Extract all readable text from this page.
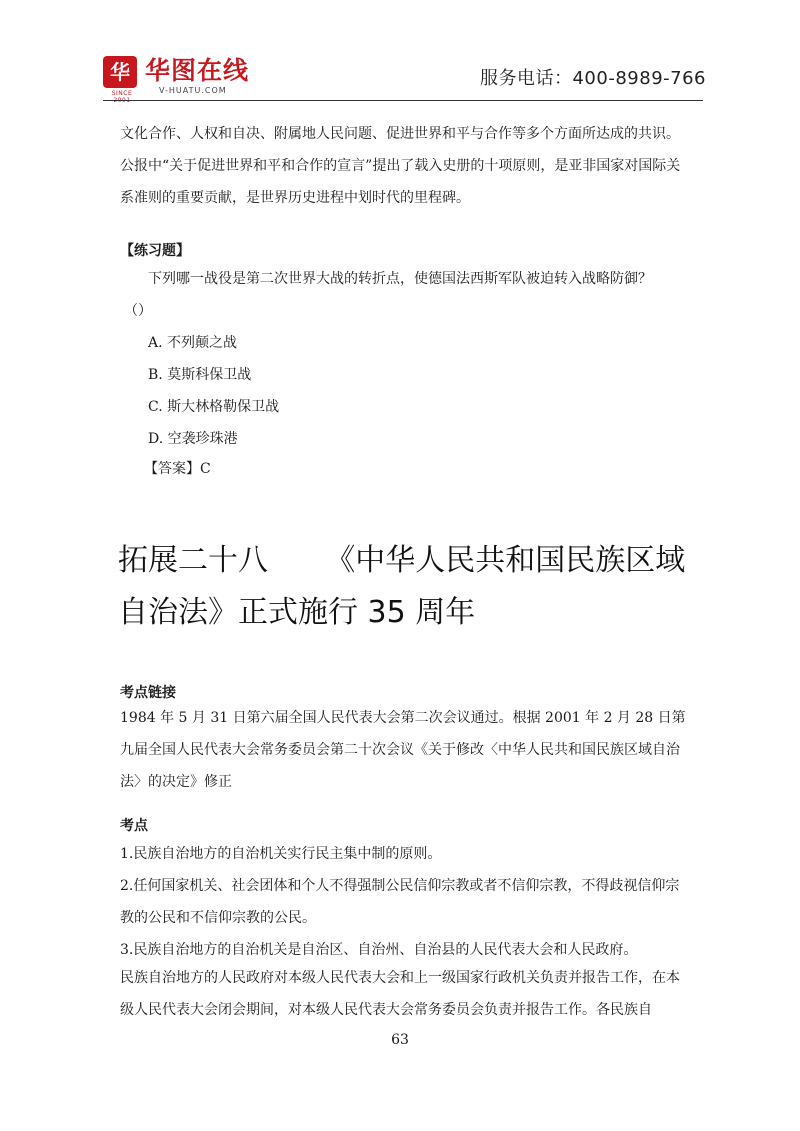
华
SINCE
华图在线
V-HUATU.COM
服务电话：400-8989-766

文化合作、人权和自决、附属地人民问题、促进世界和平与合作等多个方面所达成的共识。公报中“关于促进世界和平和合作的宣言”提出了载入史册的十项原则，是亚非国家对国际关系准则的重要贡献，是世界历史进程中划时代的里程碑。

【练习题】
下列哪一战役是第二次世界大战的转折点，使德国法西斯军队被迫转入战略防御？
（）
A. 不列颠之战
B. 莫斯科保卫战
C. 斯大林格勒保卫战
D. 空袭珍珠港
【答案】C
拓展二十八      《中华人民共和国民族区域
自治法》正式施行 35 周年
考点链接

1984 年 5 月 31 日第六届全国人民代表大会第二次会议通过。根据 2001 年 2 月 28 日第九届全国人民代表大会常务委员会第二十次会议《关于修改〈中华人民共和国民族区域自治法〉的决定》修正

考点

1.民族自治地方的自治机关实行民主集中制的原则。

2.任何国家机关、社会团体和个人不得强制公民信仰宗教或者不信仰宗教，不得歧视信仰宗教的公民和不信仰宗教的公民。

3.民族自治地方的自治机关是自治区、自治州、自治县的人民代表大会和人民政府。

民族自治地方的人民政府对本级人民代表大会和上一级国家行政机关负责并报告工作，在本级人民代表大会闭会期间，对本级人民代表大会常务委员会负责并报告工作。各民族自

63
